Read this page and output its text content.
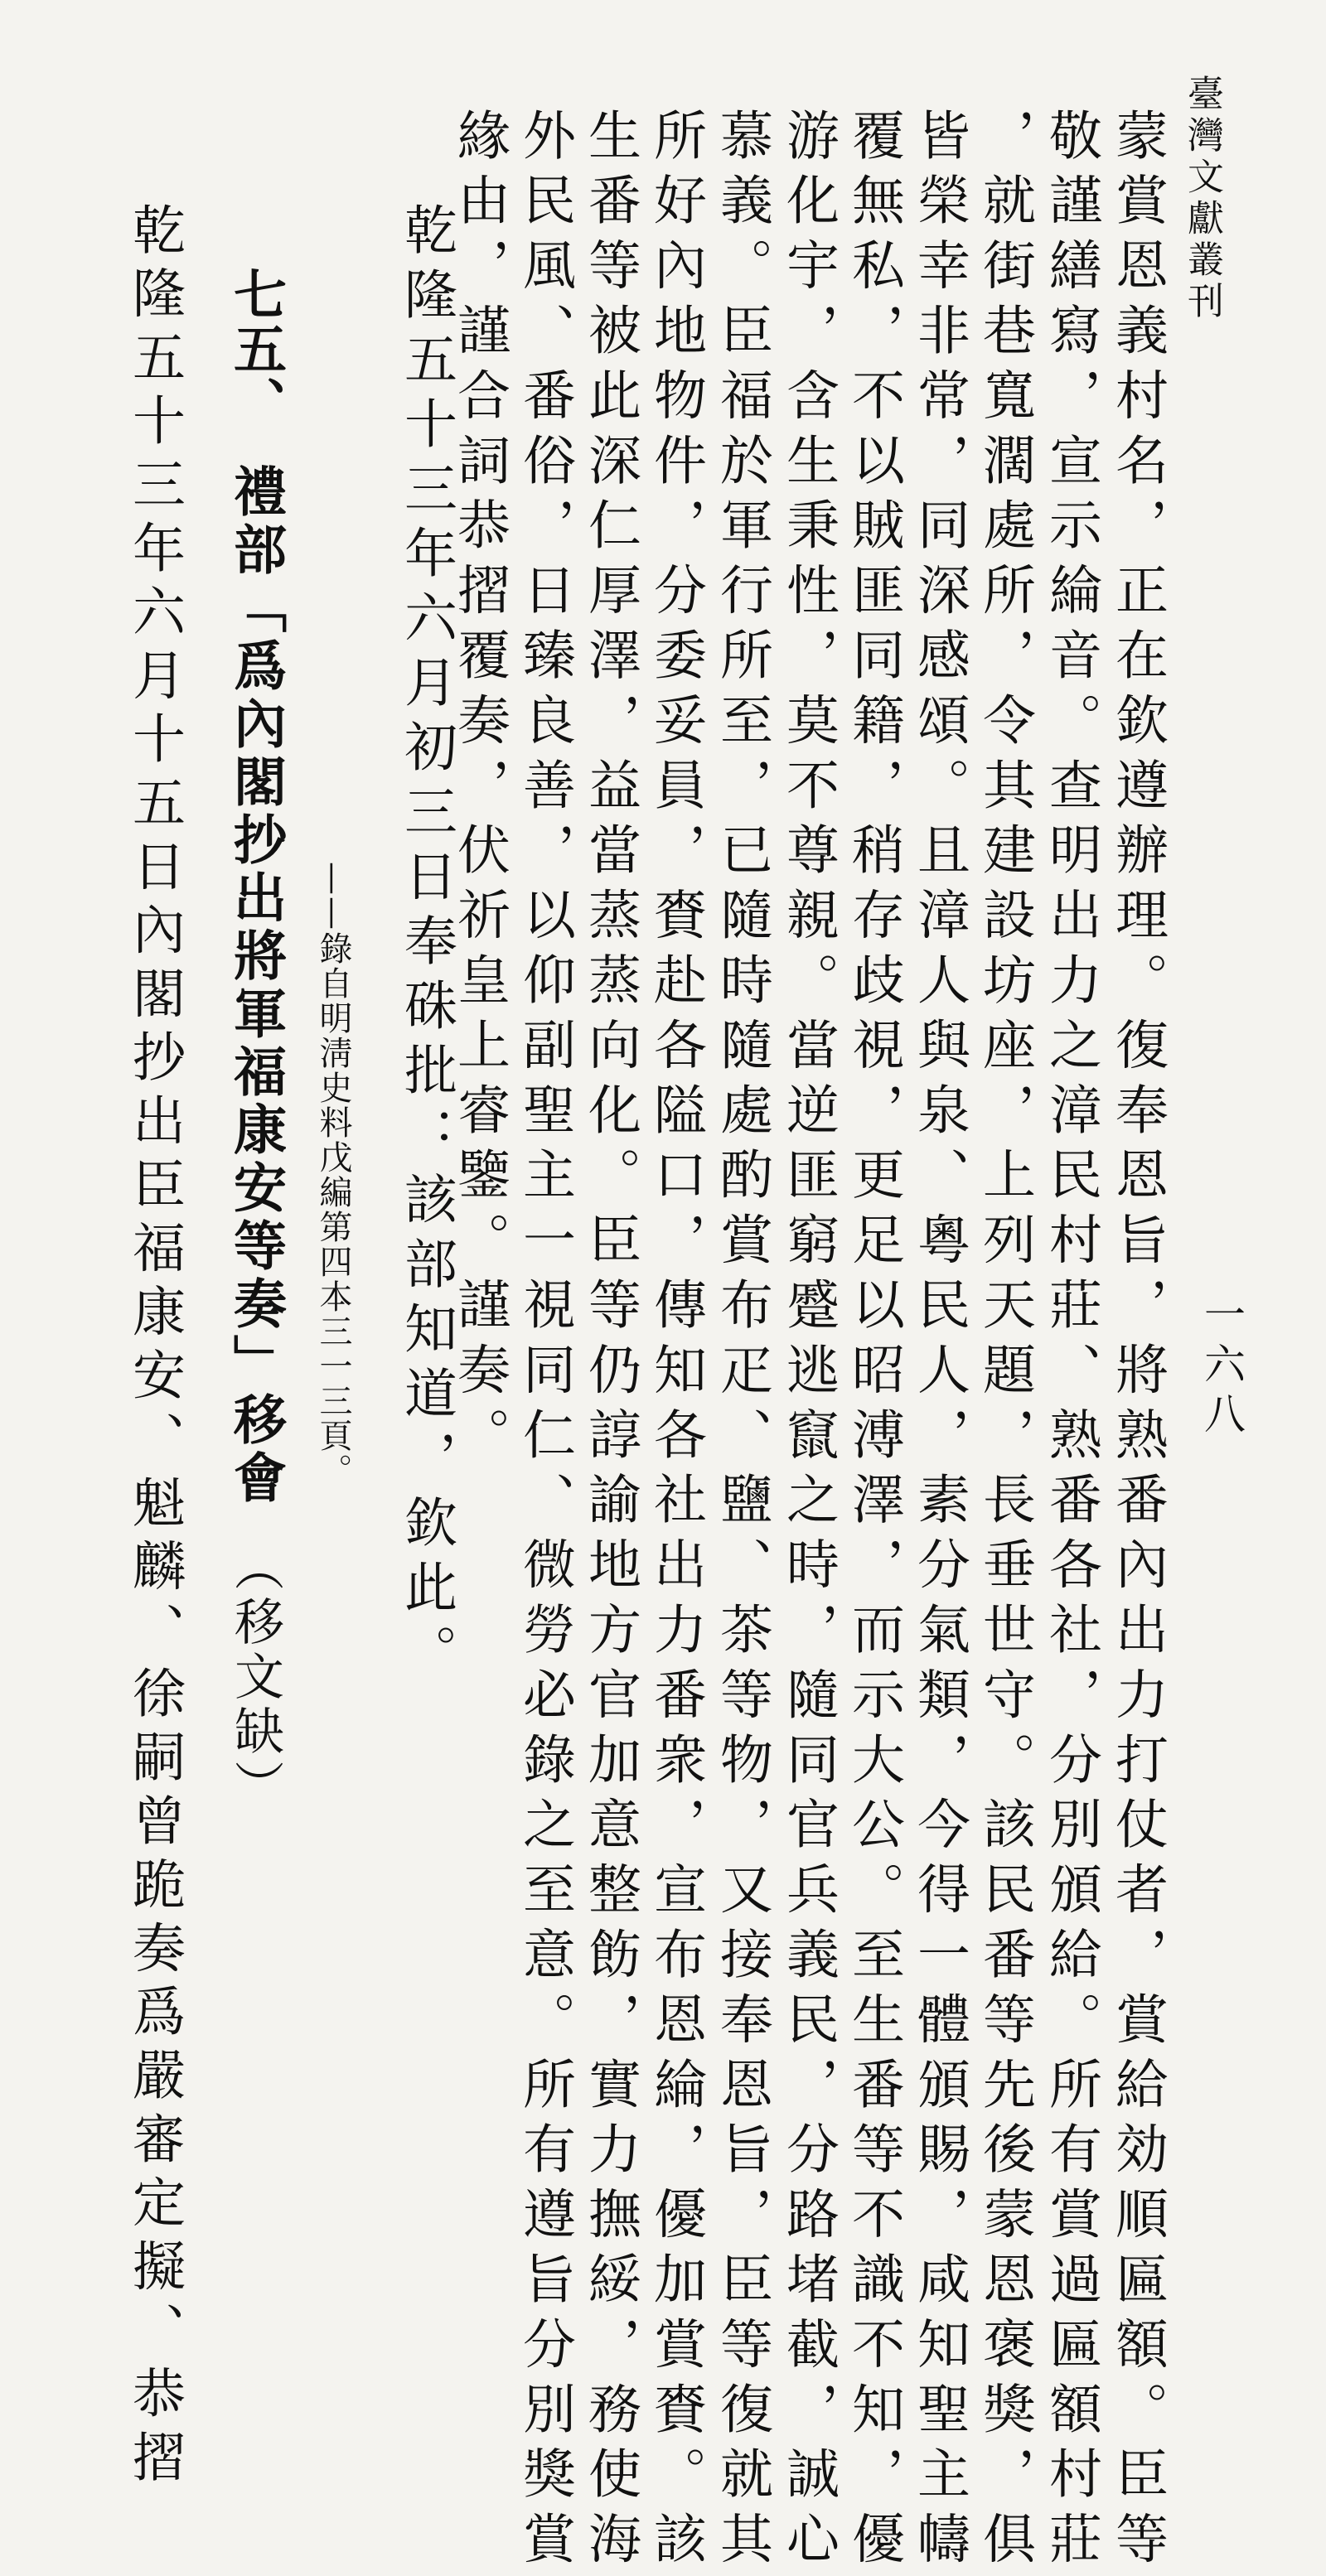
臺灣文獻叢刊
一六八
蒙賞恩義村名，正在欽遵辦理。復奉恩旨，將熟番內出力打仗者，賞給効順匾額。臣等
敬謹繕寫，宣示綸音。查明出力之漳民村莊、熟番各社，分別頒給。所有賞過匾額村莊
，就街巷寬濶處所，令其建設坊座，上列天題，長垂世守。該民番等先後蒙恩褒獎，俱
皆榮幸非常，同深感頌。且漳人與泉、粵民人，素分氣類，今得一體頒賜，咸知聖主幬
覆無私，不以賊匪同籍，稍存歧視，更足以昭溥澤，而示大公。至生番等不識不知，優
游化宇，含生秉性，莫不尊親。當逆匪窮蹙逃竄之時，隨同官兵義民，分路堵截，誠心
慕義。臣福於軍行所至，已隨時隨處酌賞布疋、鹽、茶等物，又接奉恩旨，臣等復就其
所好內地物件，分委妥員，賚赴各隘口，傳知各社出力番衆，宣布恩綸，優加賞賚。該
生番等被此深仁厚澤，益當蒸蒸向化。臣等仍諄諭地方官加意整飭，實力撫綏，務使海
外民風、番俗，日臻良善，以仰副聖主一視同仁、微勞必錄之至意。所有遵旨分別獎賞
緣由，謹合詞恭摺覆奏，伏祈皇上睿鑒。謹奏。
乾隆五十三年六月初三日奉硃批：該部知道，欽此。
——錄自明淸史料戊編第四本三一三頁。
七五、禮部「爲內閣抄出將軍福康安等奏」移會（移文缺）
乾隆五十三年六月十五日內閣抄出臣福康安、魁麟、徐嗣曾跪奏爲嚴審定擬、恭摺
